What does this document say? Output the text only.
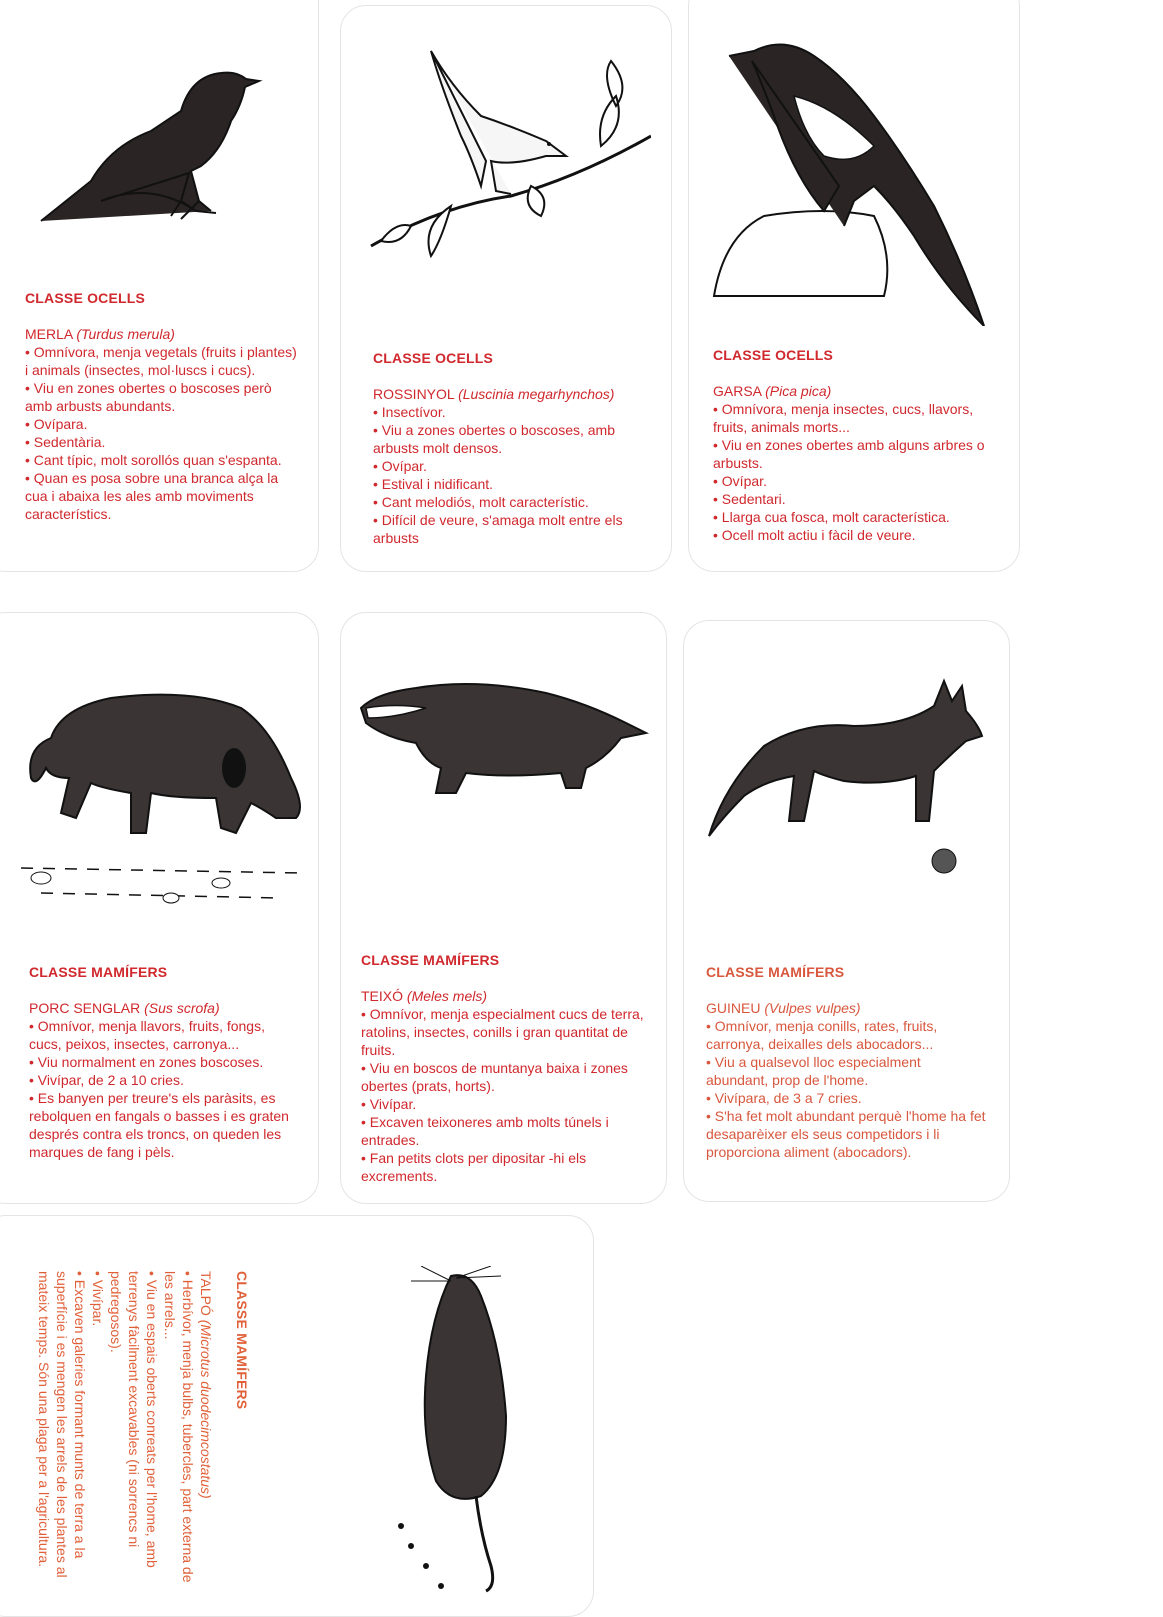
CLASSE OCELLS
MERLA (Turdus merula)
• Omnívora, menja vegetals (fruits i plantes) i animals (insectes, mol·luscs i cucs).
• Viu en zones obertes o boscoses però amb arbusts abundants.
• Ovípara.
• Sedentària.
• Cant típic, molt sorollós quan s'espanta.
• Quan es posa sobre una branca alça la cua i abaixa les ales amb moviments característics.
CLASSE OCELLS
ROSSINYOL (Luscinia megarhynchos)
• Insectívor.
• Viu a zones obertes o boscoses, amb arbusts molt densos.
• Ovípar.
• Estival i nidificant.
• Cant melodiós, molt característic.
• Difícil de veure, s'amaga molt entre els arbusts
CLASSE OCELLS
GARSA (Pica pica)
• Omnívora, menja insectes, cucs, llavors, fruits, animals morts...
• Viu en zones obertes amb alguns arbres o arbusts.
• Ovípar.
• Sedentari.
• Llarga cua fosca, molt característica.
• Ocell molt actiu i fàcil de veure.
CLASSE MAMÍFERS
PORC SENGLAR (Sus scrofa)
• Omnívor, menja llavors, fruits, fongs, cucs, peixos, insectes, carronya...
• Viu normalment en zones boscoses.
• Vivípar, de 2 a 10 cries.
• Es banyen per treure's els paràsits, es rebolquen en fangals o basses i es graten després contra els troncs, on queden les marques de fang i pèls.
CLASSE MAMÍFERS
TEIXÓ (Meles mels)
• Omnívor, menja especialment cucs de terra, ratolins, insectes, conills i gran quantitat de fruits.
• Viu en boscos de muntanya baixa i zones obertes (prats, horts).
• Vivípar.
• Excaven teixoneres amb molts túnels i entrades.
• Fan petits clots per dipositar -hi els excrements.
CLASSE MAMÍFERS
GUINEU (Vulpes vulpes)
• Omnívor, menja conills, rates, fruits, carronya, deixalles dels abocadors...
• Viu a qualsevol lloc especialment abundant, prop de l'home.
• Vivípara, de 3 a 7 cries.
• S'ha fet molt abundant perquè l'home ha fet desaparèixer els seus competidors i li proporciona aliment (abocadors).
CLASSE MAMÍFERS
TALPÓ (Microtus duodecimcostatus)
• Herbívor, menja bulbs, tubercles, part externa de les arrels...
• Viu en espais oberts conreats per l'home, amb terrenys fàcilment excavables (ni sorrencs ni pedregosos).
• Vivípar.
• Excaven galeries formant munts de terra a la superfície i es mengen les arrels de les plantes al mateix temps. Són una plaga per a l'agricultura.
